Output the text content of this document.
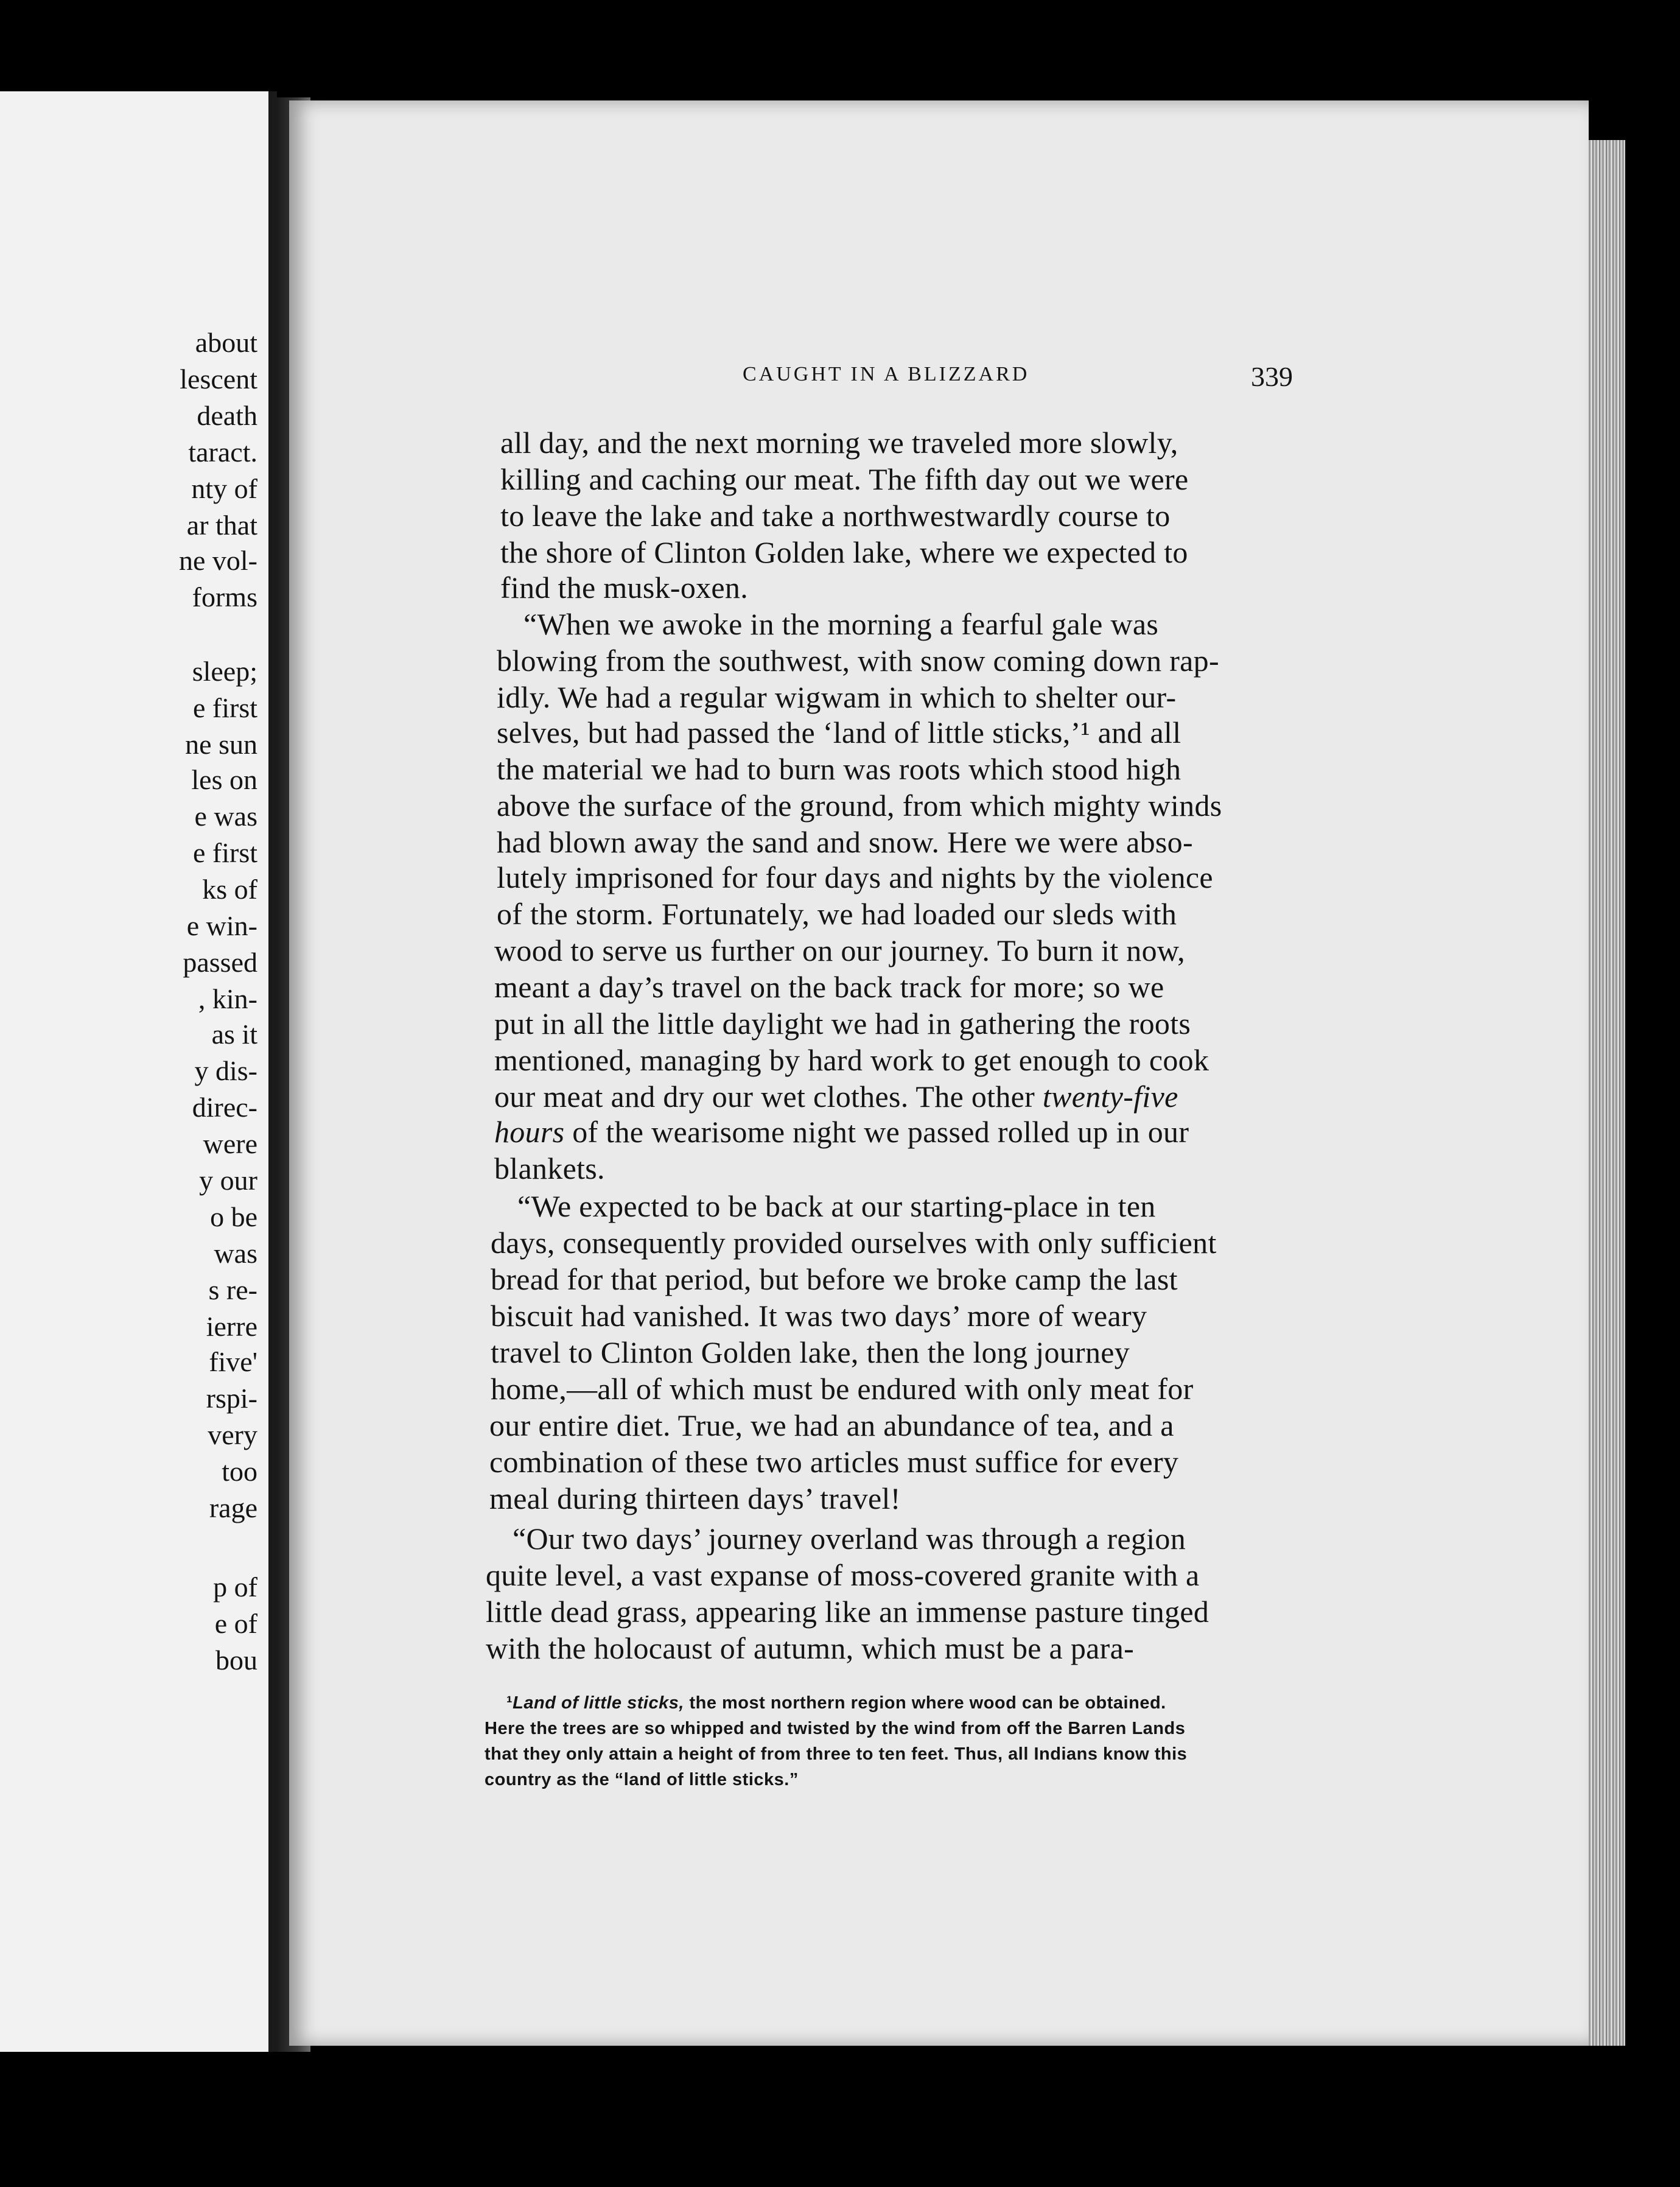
about
lescent
death
taract.
nty of
ar that
ne vol-
forms
sleep;
e first
ne sun
les on
e was
e first
ks of
e win-
passed
, kin-
as it
y dis-
direc-
were
y our
o be
was
s re-
ierre
five'
rspi-
very
too
rage
p of
e of
bou
CAUGHT IN A BLIZZARD	339
all day, and the next morning we traveled more slowly,
killing and caching our meat. The fifth day out we were
to leave the lake and take a northwestwardly course to
the shore of Clinton Golden lake, where we expected to
find the musk-oxen.
“When we awoke in the morning a fearful gale was
blowing from the southwest, with snow coming down rap-
idly. We had a regular wigwam in which to shelter our-
selves, but had passed the ‘land of little sticks,’¹ and all
the material we had to burn was roots which stood high
above the surface of the ground, from which mighty winds
had blown away the sand and snow. Here we were abso-
lutely imprisoned for four days and nights by the violence
of the storm. Fortunately, we had loaded our sleds with
wood to serve us further on our journey. To burn it now,
meant a day’s travel on the back track for more; so we
put in all the little daylight we had in gathering the roots
mentioned, managing by hard work to get enough to cook
our meat and dry our wet clothes. The other twenty-five
hours of the wearisome night we passed rolled up in our
blankets.
“We expected to be back at our starting-place in ten
days, consequently provided ourselves with only sufficient
bread for that period, but before we broke camp the last
biscuit had vanished. It was two days’ more of weary
travel to Clinton Golden lake, then the long journey
home,—all of which must be endured with only meat for
our entire diet. True, we had an abundance of tea, and a
combination of these two articles must suffice for every
meal during thirteen days’ travel!
“Our two days’ journey overland was through a region
quite level, a vast expanse of moss-covered granite with a
little dead grass, appearing like an immense pasture tinged
with the holocaust of autumn, which must be a para-
¹Land of little sticks, the most northern region where wood can be obtained.
Here the trees are so whipped and twisted by the wind from off the Barren Lands
that they only attain a height of from three to ten feet. Thus, all Indians know this
country as the “land of little sticks.”
